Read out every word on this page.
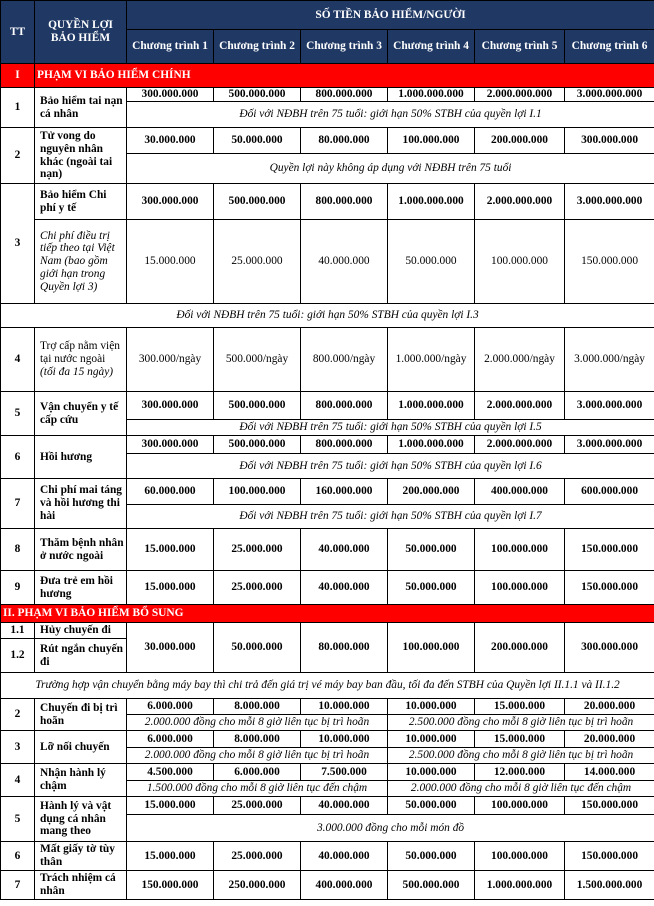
TT	QUYỀN LỢI BẢO HIỂM	SỐ TIỀN BẢO HIỂM/NGƯỜI					
		Chương trình 1	Chương trình 2	Chương trình 3	Chương trình 4	Chương trình 5	Chương trình 6
I	PHẠM VI BẢO HIỂM CHÍNH						
1	Bảo hiểm tai nạn cá nhân	300.000.000	500.000.000	800.000.000	1.000.000.000	2.000.000.000	3.000.000.000
		Đối với NĐBH trên 75 tuổi: giới hạn 50% STBH của quyền lợi I.1					
2	Tử vong do nguyên nhân khác (ngoài tai nạn)	30.000.000	50.000.000	80.000.000	100.000.000	200.000.000	300.000.000
		Quyền lợi này không áp dụng với NĐBH trên 75 tuổi					
3	Bảo hiểm Chi phí y tế	300.000.000	500.000.000	800.000.000	1.000.000.000	2.000.000.000	3.000.000.000
	Chi phí điều trị tiếp theo tại Việt Nam (bao gồm giới hạn trong Quyền lợi 3)	15.000.000	25.000.000	40.000.000	50.000.000	100.000.000	150.000.000
Đối với NĐBH trên 75 tuổi: giới hạn 50% STBH của quyền lợi I.3							
4	Trợ cấp nằm viện tại nước ngoài (tối đa 15 ngày)	300.000/ngày	500.000/ngày	800.000/ngày	1.000.000/ngày	2.000.000/ngày	3.000.000/ngày
5	Vận chuyển y tế cấp cứu	300.000.000	500.000.000	800.000.000	1.000.000.000	2.000.000.000	3.000.000.000
		Đối với NĐBH trên 75 tuổi: giới hạn 50% STBH của quyền lợi I.5					
6	Hồi hương	300.000.000	500.000.000	800.000.000	1.000.000.000	2.000.000.000	3.000.000.000
		Đối với NĐBH trên 75 tuổi: giới hạn 50% STBH của quyền lợi I.6					
7	Chi phí mai táng và hồi hương thi hài	60.000.000	100.000.000	160.000.000	200.000.000	400.000.000	600.000.000
		Đối với NĐBH trên 75 tuổi: giới hạn 50% STBH của quyền lợi I.7					
8	Thăm bệnh nhân ở nước ngoài	15.000.000	25.000.000	40.000.000	50.000.000	100.000.000	150.000.000
9	Đưa trẻ em hồi hương	15.000.000	25.000.000	40.000.000	50.000.000	100.000.000	150.000.000
II. PHẠM VI BẢO HIỂM BỔ SUNG							
1.1	Hủy chuyến đi	30.000.000	50.000.000	80.000.000	100.000.000	200.000.000	300.000.000
1.2	Rút ngắn chuyến đi						
Trường hợp vận chuyển bằng máy bay thì chi trả đến giá trị vé máy bay ban đầu, tối đa đến STBH của Quyền lợi II.1.1 và II.1.2							
2	Chuyến đi bị trì hoãn	6.000.000	8.000.000	10.000.000	10.000.000	15.000.000	20.000.000
		2.000.000 đồng cho mỗi 8 giờ liên tục bị trì hoãn			2.500.000 đồng cho mỗi 8 giờ liên tục bị trì hoãn		
3	Lỡ nối chuyến	6.000.000	8.000.000	10.000.000	10.000.000	15.000.000	20.000.000
		2.000.000 đồng cho mỗi 8 giờ liên tục bị trì hoãn			2.500.000 đồng cho mỗi 8 giờ liên tục bị trì hoãn		
4	Nhận hành lý chậm	4.500.000	6.000.000	7.500.000	10.000.000	12.000.000	14.000.000
		1.500.000 đồng cho mỗi 8 giờ liên tục đến chậm			2.000.000 đồng cho mỗi 8 giờ liên tục đến chậm		
5	Hành lý và vật dụng cá nhân mang theo	15.000.000	25.000.000	40.000.000	50.000.000	100.000.000	150.000.000
		3.000.000 đồng cho mỗi món đồ					
6	Mất giấy tờ tùy thân	15.000.000	25.000.000	40.000.000	50.000.000	100.000.000	150.000.000
7	Trách nhiệm cá nhân	150.000.000	250.000.000	400.000.000	500.000.000	1.000.000.000	1.500.000.000
